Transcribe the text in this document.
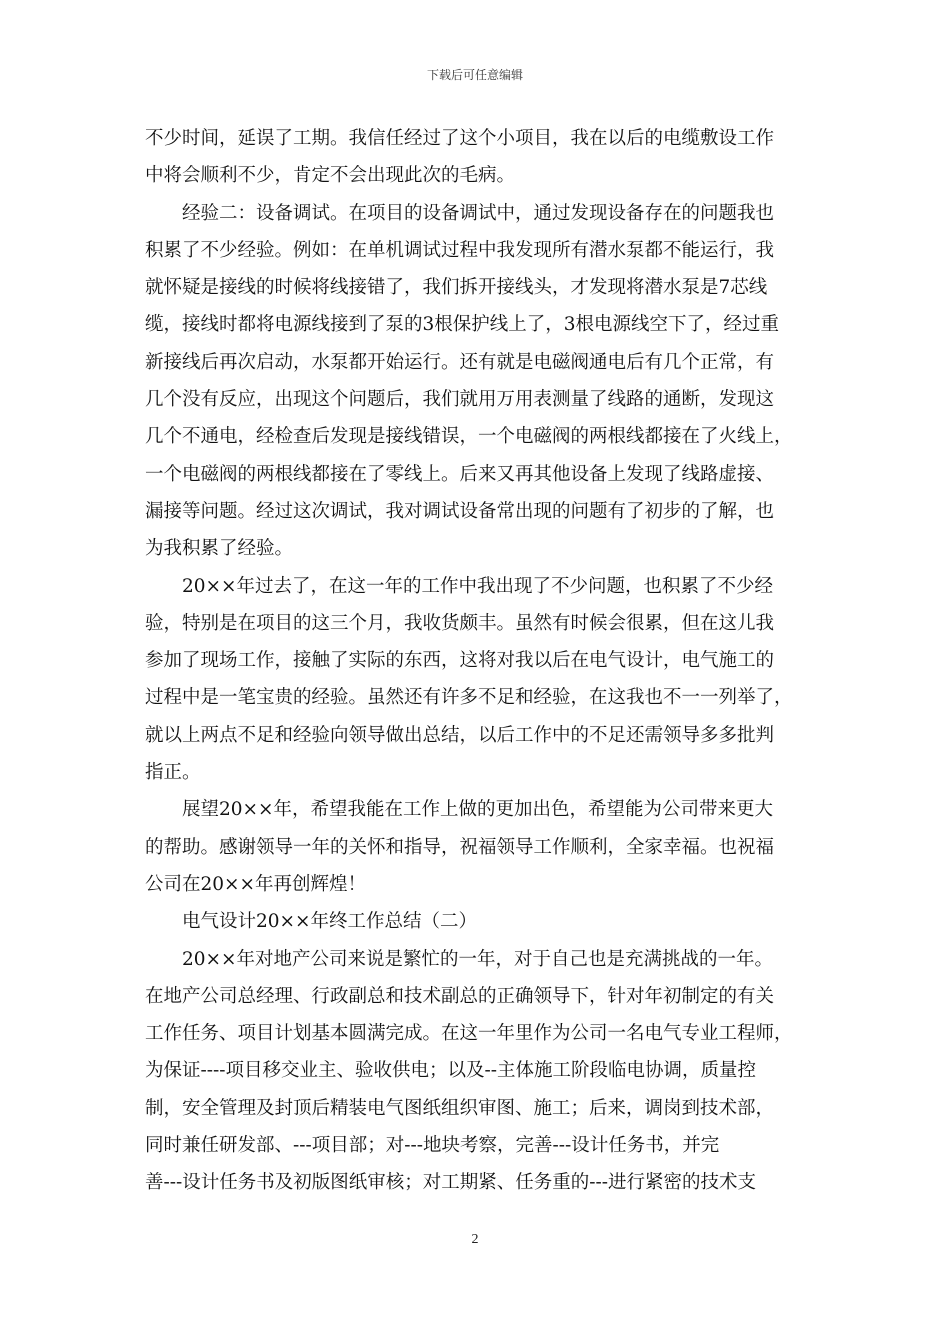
下载后可任意编辑

不少时间，延误了工期。我信任经过了这个小项目，我在以后的电缆敷设工作

中将会顺利不少，肯定不会出现此次的毛病。

　　经验二：设备调试。在项目的设备调试中，通过发现设备存在的问题我也

积累了不少经验。例如：在单机调试过程中我发现所有潜水泵都不能运行，我

就怀疑是接线的时候将线接错了，我们拆开接线头，才发现将潜水泵是7芯线

缆，接线时都将电源线接到了泵的3根保护线上了，3根电源线空下了，经过重

新接线后再次启动，水泵都开始运行。还有就是电磁阀通电后有几个正常，有

几个没有反应，出现这个问题后，我们就用万用表测量了线路的通断，发现这

几个不通电，经检查后发现是接线错误，一个电磁阀的两根线都接在了火线上，

一个电磁阀的两根线都接在了零线上。后来又再其他设备上发现了线路虚接、

漏接等问题。经过这次调试，我对调试设备常出现的问题有了初步的了解，也

为我积累了经验。

　　20××年过去了，在这一年的工作中我出现了不少问题，也积累了不少经

验，特别是在项目的这三个月，我收货颇丰。虽然有时候会很累，但在这儿我

参加了现场工作，接触了实际的东西，这将对我以后在电气设计，电气施工的

过程中是一笔宝贵的经验。虽然还有许多不足和经验，在这我也不一一列举了，

就以上两点不足和经验向领导做出总结，以后工作中的不足还需领导多多批判

指正。

　　展望20××年，希望我能在工作上做的更加出色，希望能为公司带来更大

的帮助。感谢领导一年的关怀和指导，祝福领导工作顺利，全家幸福。也祝福

公司在20××年再创辉煌！

　　电气设计20××年终工作总结（二）

　　20××年对地产公司来说是繁忙的一年，对于自己也是充满挑战的一年。

在地产公司总经理、行政副总和技术副总的正确领导下，针对年初制定的有关

工作任务、项目计划基本圆满完成。在这一年里作为公司一名电气专业工程师，

为保证----项目移交业主、验收供电；以及--主体施工阶段临电协调，质量控

制，安全管理及封顶后精装电气图纸组织审图、施工；后来，调岗到技术部，

同时兼任研发部、---项目部；对---地块考察，完善---设计任务书，并完

善---设计任务书及初版图纸审核；对工期紧、任务重的---进行紧密的技术支

2
